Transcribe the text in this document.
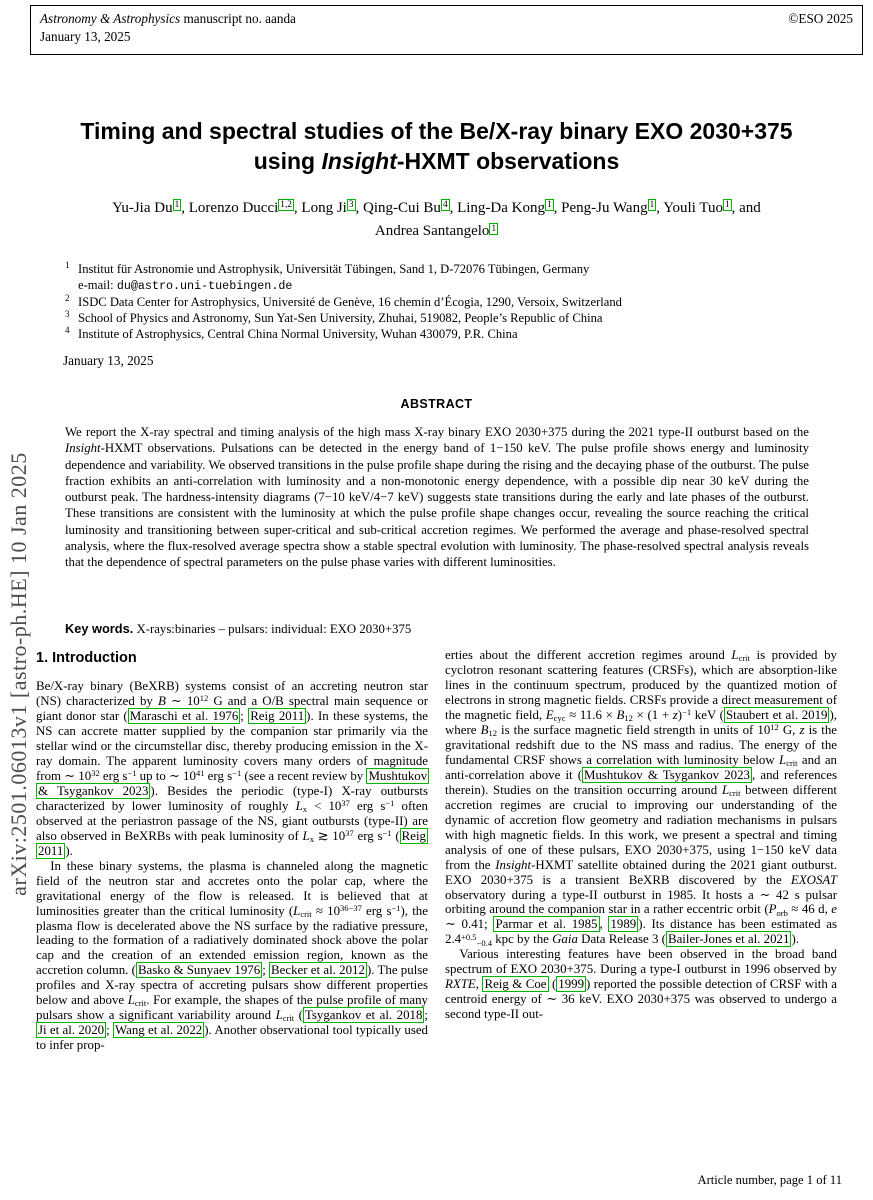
arXiv:2501.06013v1 [astro-ph.HE] 10 Jan 2025
Astronomy & Astrophysics manuscript no. aanda
January 13, 2025
©ESO 2025
Timing and spectral studies of the Be/X-ray binary EXO 2030+375
using Insight-HXMT observations
Yu-Jia Du $^1$ , Lorenzo Ducci $^{1,2}$ , Long Ji $^3$ , Qing-Cui Bu $^4$ , Ling-Da Kong $^1$ , Peng-Ju Wang $^1$ , Youli Tuo $^1$ , and
Andrea Santangelo $^1$
1 Institut für Astronomie und Astrophysik, Universität Tübingen, Sand 1, D-72076 Tübingen, Germany
e-mail: du@astro.uni-tuebingen.de
2 ISDC Data Center for Astrophysics, Université de Genève, 16 chemin d’Écogia, 1290, Versoix, Switzerland
3 School of Physics and Astronomy, Sun Yat-Sen University, Zhuhai, 519082, People’s Republic of China
4 Institute of Astrophysics, Central China Normal University, Wuhan 430079, P.R. China
January 13, 2025
ABSTRACT
We report the X-ray spectral and timing analysis of the high mass X-ray binary EXO 2030+375 during the 2021 type-II outburst based on the Insight-HXMT observations. Pulsations can be detected in the energy band of 1−150 keV. The pulse profile shows energy and luminosity dependence and variability. We observed transitions in the pulse profile shape during the rising and the decaying phase of the outburst. The pulse fraction exhibits an anti-correlation with luminosity and a non-monotonic energy dependence, with a possible dip near 30 keV during the outburst peak. The hardness-intensity diagrams (7−10 keV/4−7 keV) suggests state transitions during the early and late phases of the outburst. These transitions are consistent with the luminosity at which the pulse profile shape changes occur, revealing the source reaching the critical luminosity and transitioning between super-critical and sub-critical accretion regimes. We performed the average and phase-resolved spectral analysis, where the flux-resolved average spectra show a stable spectral evolution with luminosity. The phase-resolved spectral analysis reveals that the dependence of spectral parameters on the pulse phase varies with different luminosities.
Key words. X-rays:binaries – pulsars: individual: EXO 2030+375
1. Introduction

Be/X-ray binary (BeXRB) systems consist of an accreting neutron star (NS) characterized by B ∼ $10^{12}$ G and a O/B spectral main sequence or giant donor star ( Maraschi et al. 1976 ; Reig 2011 ). In these systems, the NS can accrete matter supplied by the companion star primarily via the stellar wind or the circumstellar disc, thereby producing emission in the X-ray domain. The apparent luminosity covers many orders of magnitude from ∼ $10^{32}$ erg $s^{-1}$ up to ∼ $10^{41}$ erg $s^{-1}$ (see a recent review by Mushtukov & Tsygankov 2023 ). Besides the periodic (type-I) X-ray outbursts characterized by lower luminosity of roughly $Lx < 10^{37}$ erg $s^{-1}$ often observed at the periastron passage of the NS, giant outbursts (type-II) are also observed in BeXRBs with peak luminosity of Lx ≳ $10^{37}$ erg $s^{-1}$ ( Reig 2011 ).

In these binary systems, the plasma is channeled along the magnetic field of the neutron star and accretes onto the polar cap, where the gravitational energy of the flow is released. It is believed that at luminosities greater than the critical luminosity (Lcrit ≈ $10^{36-37}$ erg $s^{-1}$), the plasma flow is decelerated above the NS surface by the radiative pressure, leading to the formation of a radiatively dominated shock above the polar cap and the creation of an extended emission region, known as the accretion column. ( Basko & Sunyaev 1976 ; Becker et al. 2012 ). The pulse profiles and X-ray spectra of accreting pulsars show different properties below and above Lcrit. For example, the shapes of the pulse profile of many pulsars show a significant variability around Lcrit ( Tsygankov et al. 2018 ; Ji et al. 2020 ; Wang et al. 2022 ). Another observational tool typically used to infer prop-

erties about the different accretion regimes around Lcrit is provided by cyclotron resonant scattering features (CRSFs), which are absorption-like lines in the continuum spectrum, produced by the quantized motion of electrons in strong magnetic fields. CRSFs provide a direct measurement of the magnetic field, Ecyc ≈ $11.6 \times B12 \times (1 + z)^{-1}$ keV ( Staubert et al. 2019 ), where B12 is the surface magnetic field strength in units of $10^{12}$ G, z is the gravitational redshift due to the NS mass and radius. The energy of the fundamental CRSF shows a correlation with luminosity below Lcrit and an anti-correlation above it ( Mushtukov & Tsygankov 2023 , and references therein). Studies on the transition occurring around Lcrit between different accretion regimes are crucial to improving our understanding of the dynamic of accretion flow geometry and radiation mechanisms in pulsars with high magnetic fields. In this work, we present a spectral and timing analysis of one of these pulsars, EXO 2030+375, using 1−150 keV data from the Insight-HXMT satellite obtained during the 2021 giant outburst. EXO 2030+375 is a transient BeXRB discovered by the EXOSAT observatory during a type-II outburst in 1985. It hosts a ∼ 42 s pulsar orbiting around the companion star in a rather eccentric orbit (Porb ≈ 46 d, e ∼ 0.41; Parmar et al. 1985 , 1989 ). Its distance has been estimated as $2.4^{+0.5}-0.4$ kpc by the Gaia Data Release 3 ( Bailer-Jones et al. 2021 ).

Various interesting features have been observed in the broad band spectrum of EXO 2030+375. During a type-I outburst in 1996 observed by RXTE, Reig & Coe ( 1999 ) reported the possible detection of CRSF with a centroid energy of ∼ 36 keV. EXO 2030+375 was observed to undergo a second type-II out-

Article number, page 1 of 11
